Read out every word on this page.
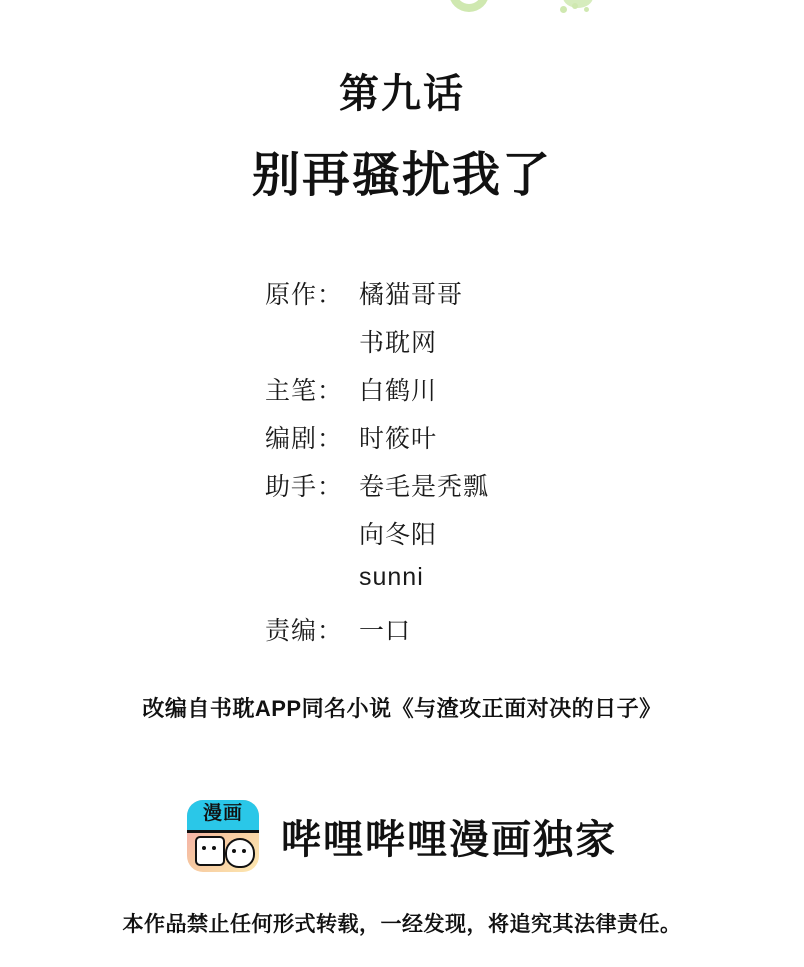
第九话
别再骚扰我了
原作： 橘猫哥哥
书耽网
主笔： 白鹤川
编剧： 时筱叶
助手： 卷毛是秃瓢
向冬阳
sunni
责编： 一口
改编自书耽APP同名小说《与渣攻正面对决的日子》
漫画
哔哩哔哩漫画独家
本作品禁止任何形式转载，一经发现，将追究其法律责任。
